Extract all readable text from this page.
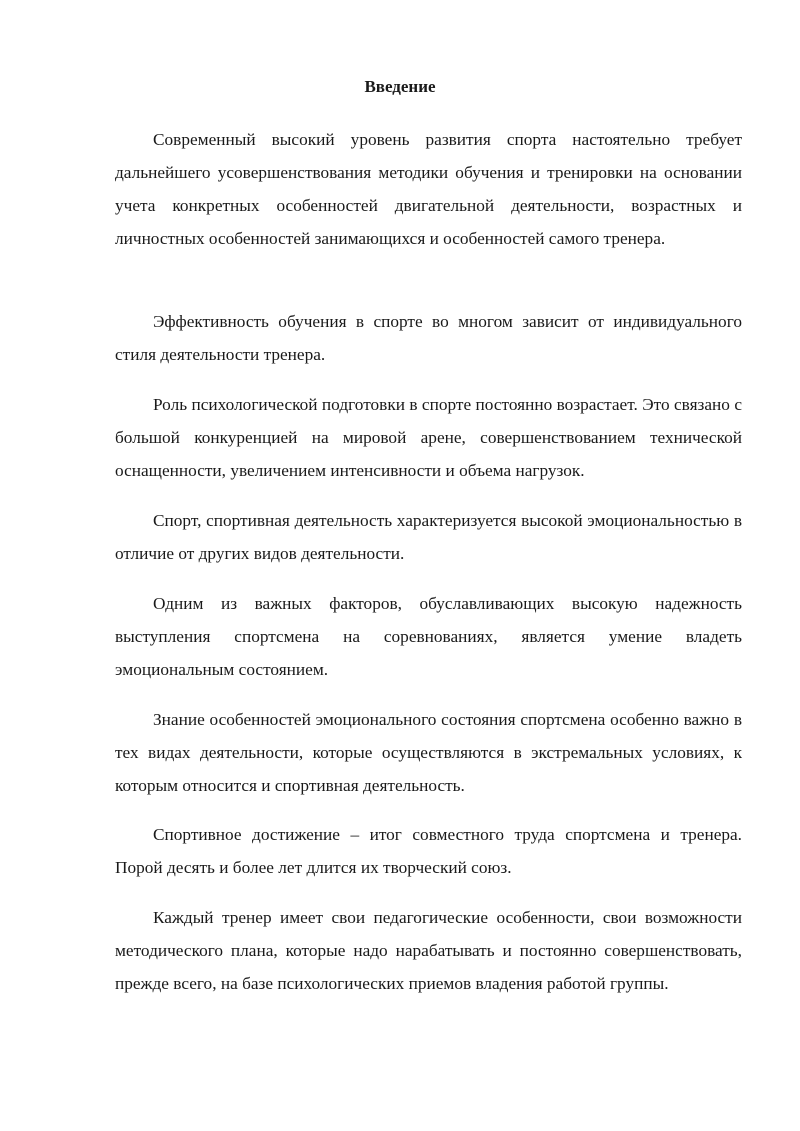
Введение

Современный высокий уровень развития спорта настоятельно требует дальнейшего усовершенствования методики обучения и тренировки на основании учета конкретных особенностей двигательной деятельности, возрастных и личностных особенностей занимающихся и особенностей самого тренера.

Эффективность обучения в спорте во многом зависит от индивидуального стиля деятельности тренера.

Роль психологической подготовки в спорте постоянно возрастает. Это связано с большой конкуренцией на мировой арене, совершенствованием технической оснащенности, увеличением интенсивности и объема нагрузок.

Спорт, спортивная деятельность характеризуется высокой эмоциональностью в отличие от других видов деятельности.

Одним из важных факторов, обуславливающих высокую надежность выступления спортсмена на соревнованиях, является умение владеть эмоциональным состоянием.

Знание особенностей эмоционального состояния спортсмена особенно важно в тех видах деятельности, которые осуществляются в экстремальных условиях, к которым относится и спортивная деятельность.

Спортивное достижение – итог совместного труда спортсмена и тренера. Порой десять и более лет длится их творческий союз.

Каждый тренер имеет свои педагогические особенности, свои возможности методического плана, которые надо нарабатывать и постоянно совершенствовать, прежде всего, на базе психологических приемов владения работой группы.
